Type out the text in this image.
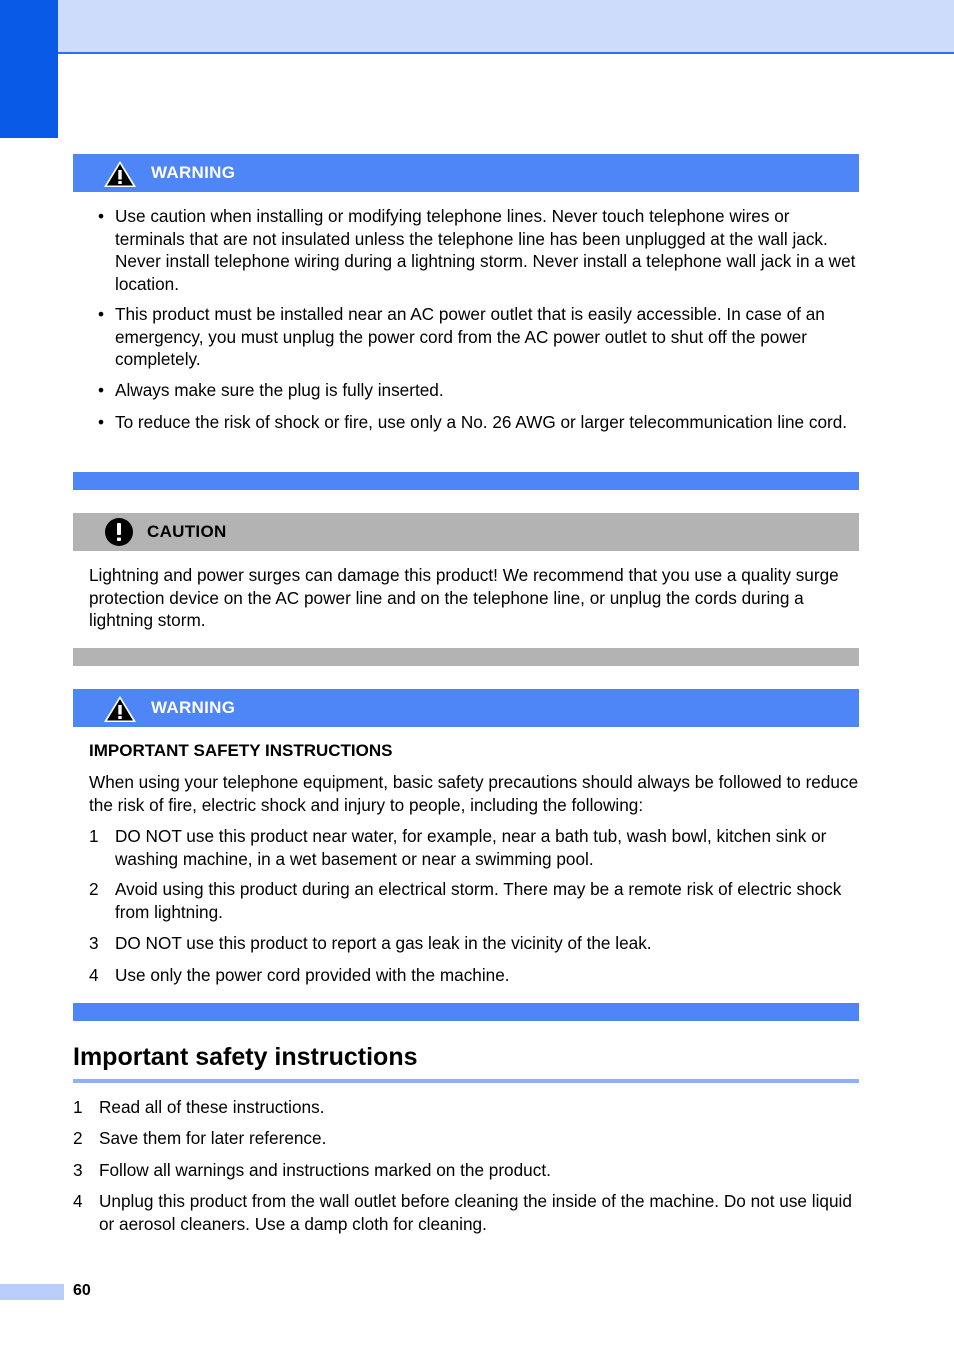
WARNING
• Use caution when installing or modifying telephone lines. Never touch telephone wires or terminals that are not insulated unless the telephone line has been unplugged at the wall jack. Never install telephone wiring during a lightning storm. Never install a telephone wall jack in a wet location.
• This product must be installed near an AC power outlet that is easily accessible. In case of an emergency, you must unplug the power cord from the AC power outlet to shut off the power completely.
• Always make sure the plug is fully inserted.
• To reduce the risk of shock or fire, use only a No. 26 AWG or larger telecommunication line cord.
CAUTION
Lightning and power surges can damage this product! We recommend that you use a quality surge protection device on the AC power line and on the telephone line, or unplug the cords during a lightning storm.
WARNING
IMPORTANT SAFETY INSTRUCTIONS
When using your telephone equipment, basic safety precautions should always be followed to reduce the risk of fire, electric shock and injury to people, including the following:
1 DO NOT use this product near water, for example, near a bath tub, wash bowl, kitchen sink or washing machine, in a wet basement or near a swimming pool.
2 Avoid using this product during an electrical storm. There may be a remote risk of electric shock from lightning.
3 DO NOT use this product to report a gas leak in the vicinity of the leak.
4 Use only the power cord provided with the machine.
Important safety instructions
1 Read all of these instructions.
2 Save them for later reference.
3 Follow all warnings and instructions marked on the product.
4 Unplug this product from the wall outlet before cleaning the inside of the machine. Do not use liquid or aerosol cleaners. Use a damp cloth for cleaning.
60
